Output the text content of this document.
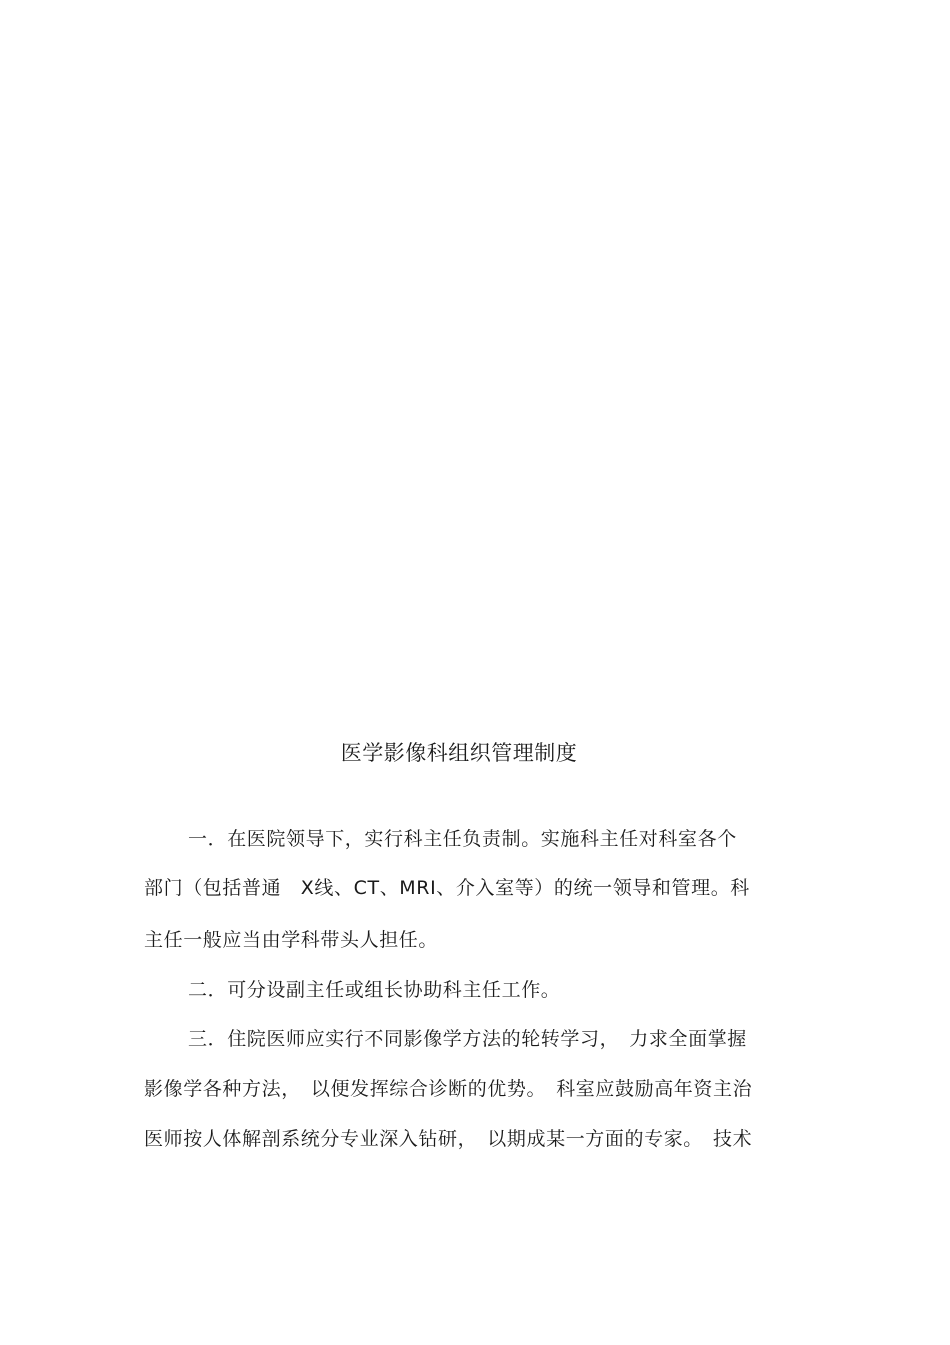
医学影像科组织管理制度
一．在医院领导下，实行科主任负责制。实施科主任对科室各个
部门（包括普通　X线、CT、MRI、介入室等）的统一领导和管理。科
主任一般应当由学科带头人担任。
二．可分设副主任或组长协助科主任工作。
三．住院医师应实行不同影像学方法的轮转学习，　力求全面掌握
影像学各种方法，　以便发挥综合诊断的优势。　科室应鼓励高年资主治
医师按人体解剖系统分专业深入钻研，　以期成某一方面的专家。　技术
